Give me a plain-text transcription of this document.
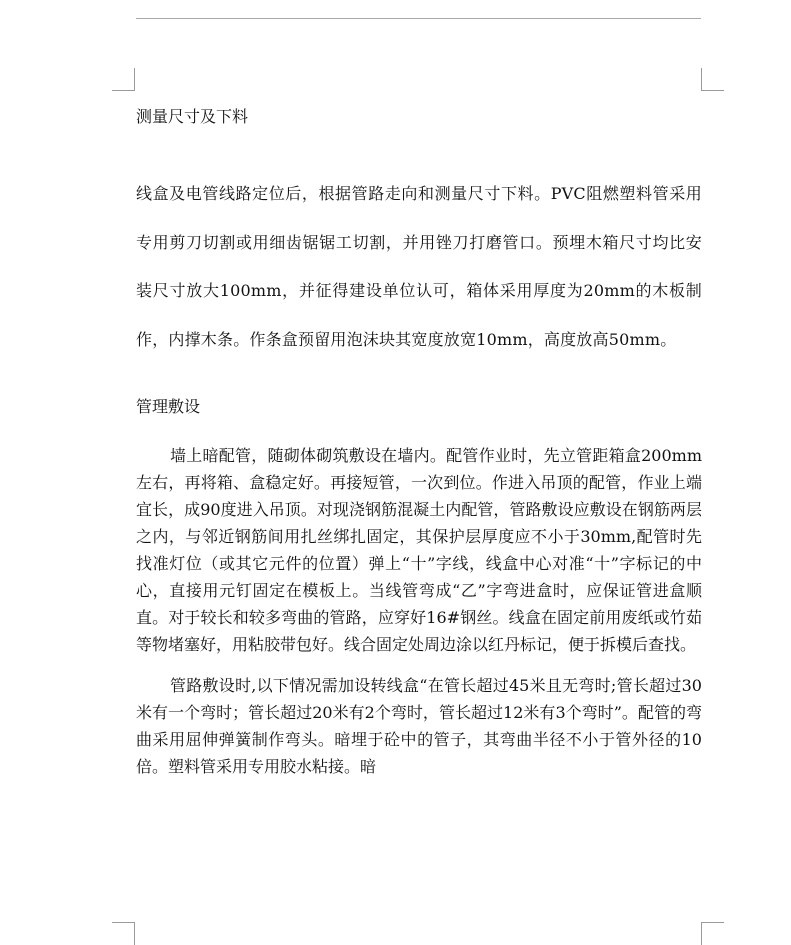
测量尺寸及下料

线盒及电管线路定位后，根据管路走向和测量尺寸下料。PVC阻燃塑料管采用专用剪刀切割或用细齿锯锯工切割，并用锉刀打磨管口。预埋木箱尺寸均比安装尺寸放大100mm，并征得建设单位认可，箱体采用厚度为20mm的木板制作，内撑木条。作条盒预留用泡沫块其宽度放宽10mm，高度放高50mm。

管理敷设

墙上暗配管，随砌体砌筑敷设在墙内。配管作业时，先立管距箱盒200mm左右，再将箱、盒稳定好。再接短管，一次到位。作进入吊顶的配管，作业上端宜长，成90度进入吊顶。对现浇钢筋混凝土内配管，管路敷设应敷设在钢筋两层之内，与邻近钢筋间用扎丝绑扎固定，其保护层厚度应不小于30mm,配管时先找准灯位（或其它元件的位置）弹上“十”字线，线盒中心对准“十”字标记的中心，直接用元钉固定在模板上。当线管弯成“乙”字弯进盒时，应保证管进盒顺直。对于较长和较多弯曲的管路，应穿好16#钢丝。线盒在固定前用废纸或竹茹等物堵塞好，用粘胶带包好。线合固定处周边涂以红丹标记，便于拆模后查找。

管路敷设时,以下情况需加设转线盒“在管长超过45米且无弯时;管长超过30米有一个弯时；管长超过20米有2个弯时，管长超过12米有3个弯时”。配管的弯曲采用屈伸弹簧制作弯头。暗埋于砼中的管子，其弯曲半径不小于管外径的10倍。塑料管采用专用胶水粘接。暗
